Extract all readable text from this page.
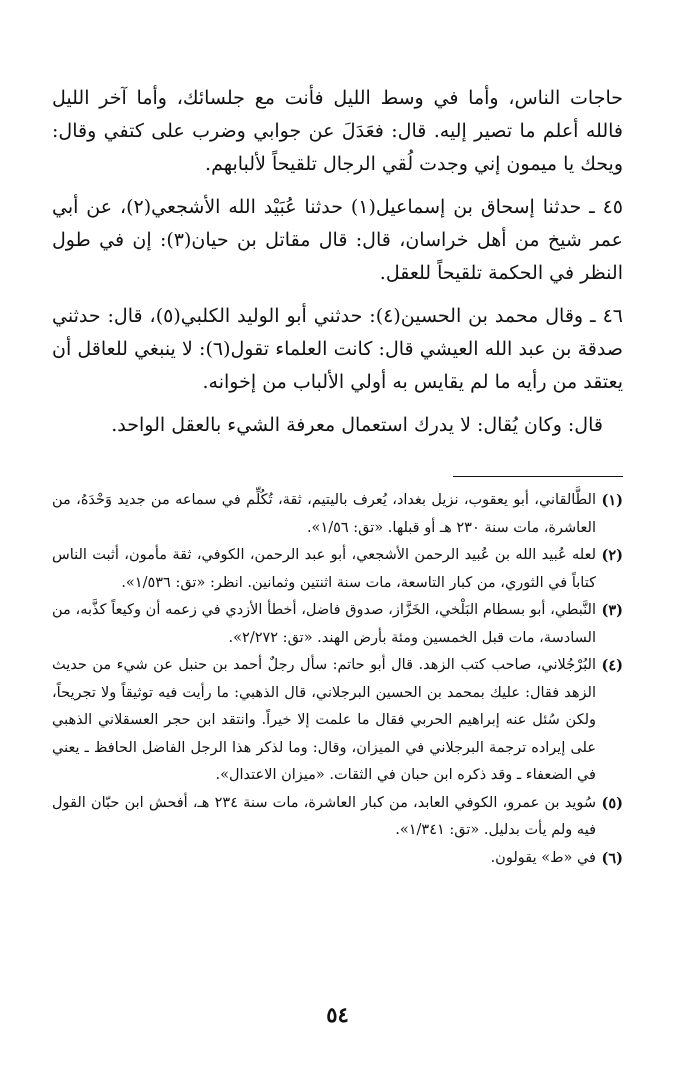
حاجات الناس، وأما في وسط الليل فأنت مع جلسائك، وأما آخر الليل فالله أعلم ما تصير إليه. قال: فعَدَلَ عن جوابي وضرب على كتفي وقال: ويحك يا ميمون إني وجدت لُقي الرجال تلقيحاً لألبابهم.

٤٥ ـ حدثنا إسحاق بن إسماعيل(١) حدثنا عُبَيْد الله الأشجعي(٢)، عن أبي عمر شيخ من أهل خراسان، قال: قال مقاتل بن حيان(٣): إن في طول النظر في الحكمة تلقيحاً للعقل.

٤٦ ـ وقال محمد بن الحسين(٤): حدثني أبو الوليد الكلبي(٥)، قال: حدثني صدقة بن عبد الله العيشي قال: كانت العلماء تقول(٦): لا ينبغي للعاقل أن يعتقد من رأيه ما لم يقايس به أولي الألباب من إخوانه.

قال: وكان يُقال: لا يدرك استعمال معرفة الشيء بالعقل الواحد.

(١)
الطَّالقاني، أبو يعقوب، نزيل بغداد، يُعرف باليتيم، ثقة، تُكُلِّم في سماعه من جديد وَحْدَهُ، من العاشرة، مات سنة ٢٣٠ هـ أو قبلها. «تق: ١/٥٦».
(٢)
لعله عُبيد الله بن عُبيد الرحمن الأشجعي، أبو عبد الرحمن، الكوفي، ثقة مأمون، أثبت الناس كتاباً في الثوري، من كبار التاسعة، مات سنة اثنتين وثمانين. انظر: «تق: ١/٥٣٦».
(٣)
النَّبطي، أبو بسطام البَلْخي، الخَزَّاز، صدوق فاضل، أخطأ الأزدي في زعمه أن وكيعاً كذَّبه، من السادسة، مات قبل الخمسين ومئة بأرض الهند. «تق: ٢/٢٧٢».
(٤)
البُرْجُلاني، صاحب كتب الزهد. قال أبو حاتم: سأل رجلٌ أحمد بن حنبل عن شيء من حديث الزهد فقال: عليك بمحمد بن الحسين البرجلاني، قال الذهبي: ما رأيت فيه توثيقاً ولا تجريحاً، ولكن سُئل عنه إبراهيم الحربي فقال ما علمت إلا خيراً. وانتقد ابن حجر العسقلاني الذهبي على إيراده ترجمة البرجلاني في الميزان، وقال: وما لذكر هذا الرجل الفاضل الحافظ ـ يعني في الضعفاء ـ وقد ذكره ابن حبان في الثقات. «ميزان الاعتدال».
(٥)
سُويد بن عمرو، الكوفي العابد، من كبار العاشرة، مات سنة ٢٣٤ هـ، أفحش ابن حبّان القول فيه ولم يأت بدليل. «تق: ١/٣٤١».
(٦)
في «ط» يقولون.
٥٤
